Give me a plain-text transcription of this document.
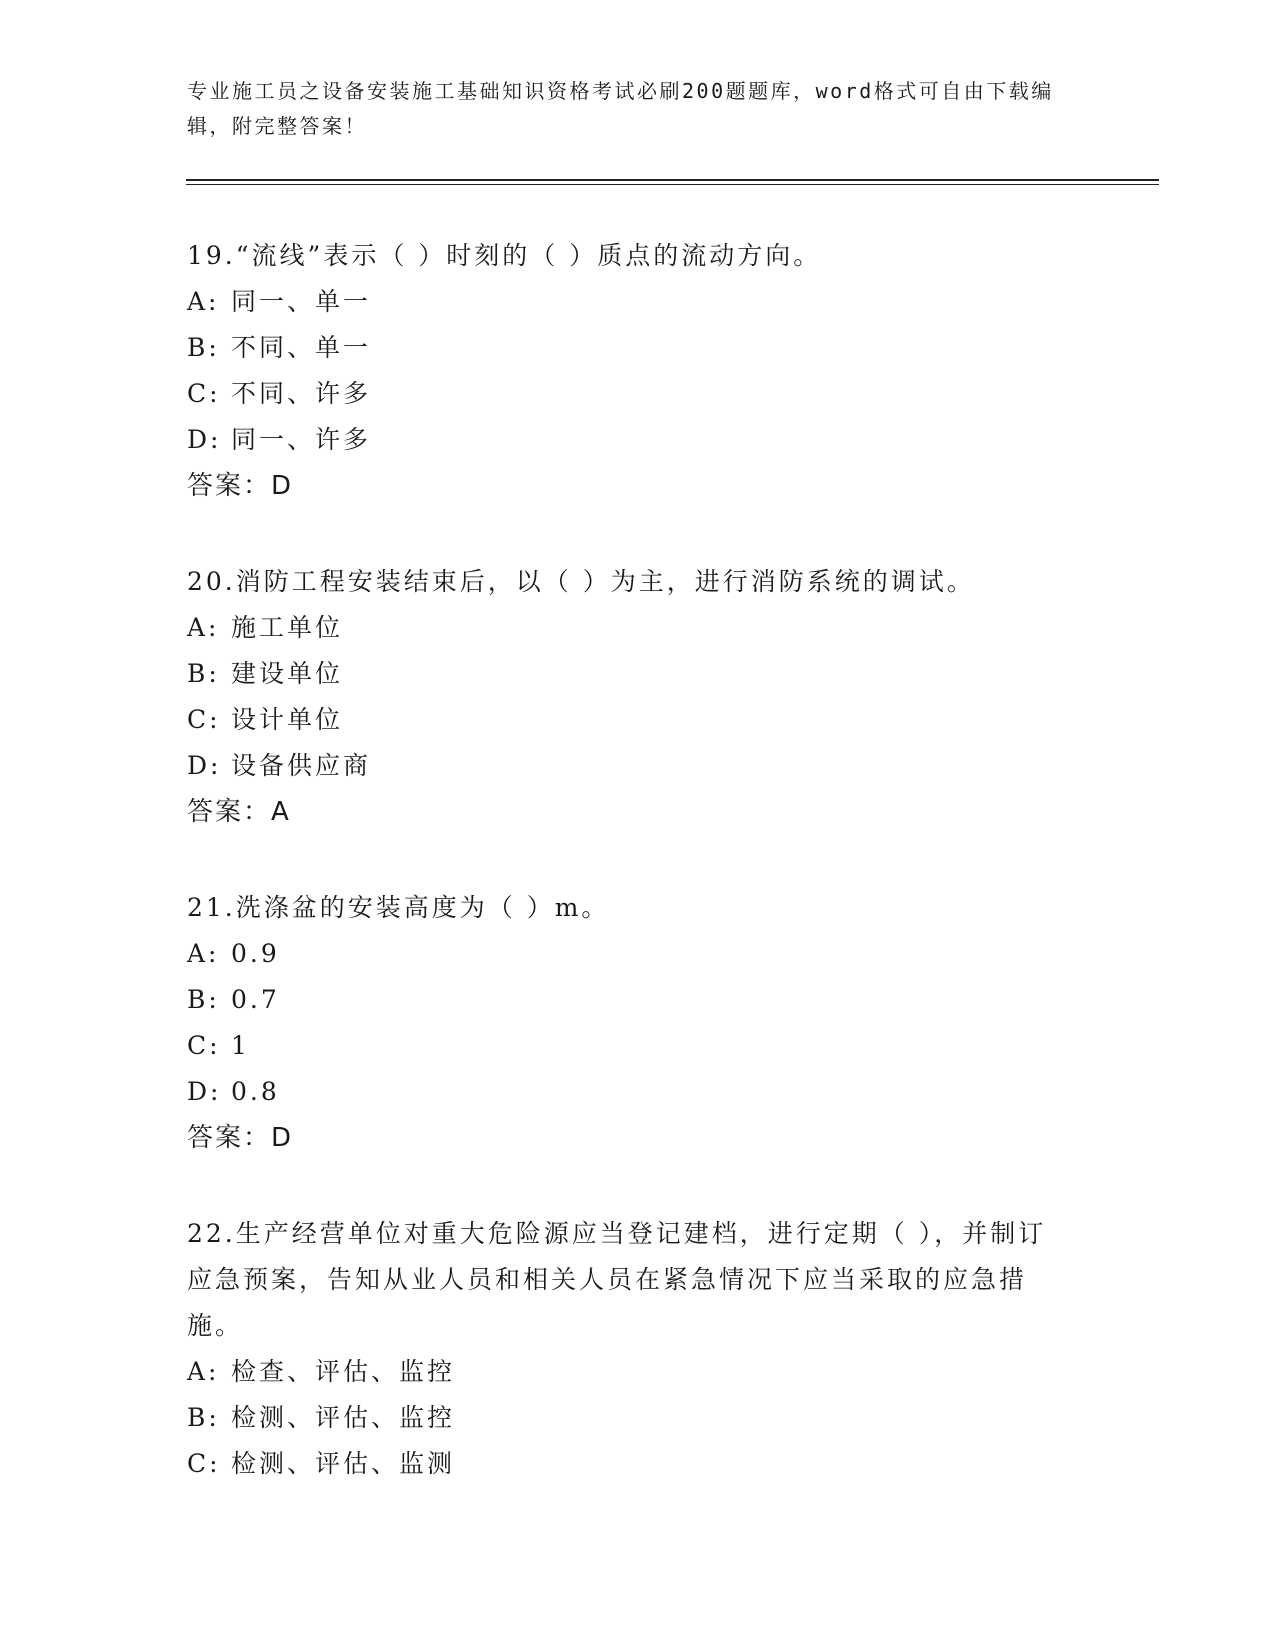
专业施工员之设备安装施工基础知识资格考试必刷200题题库，word格式可自由下载编辑，附完整答案！
19.“流线”表示（ ）时刻的（ ）质点的流动方向。
A: 同一、单一
B: 不同、单一
C: 不同、许多
D: 同一、许多
答案：D
20.消防工程安装结束后，以（ ）为主，进行消防系统的调试。
A: 施工单位
B: 建设单位
C: 设计单位
D: 设备供应商
答案：A
21.洗涤盆的安装高度为（ ）m。
A: 0.9
B: 0.7
C: 1
D: 0.8
答案：D
22.生产经营单位对重大危险源应当登记建档，进行定期（ ），并制订应急预案，告知从业人员和相关人员在紧急情况下应当采取的应急措施。
A: 检查、评估、监控
B: 检测、评估、监控
C: 检测、评估、监测
